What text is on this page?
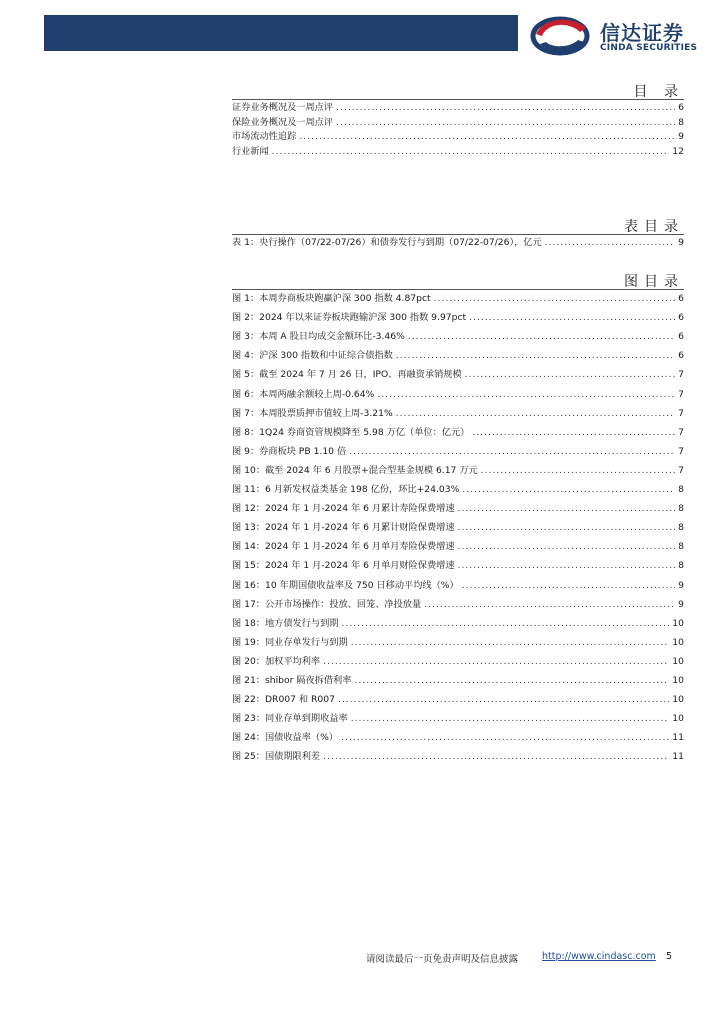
信达证券
CINDA SECURITIES
目 录
证券业务概况及一周点评 .....	6
保险业务概况及一周点评 .....	8
市场流动性追踪 .....	9
行业新闻 .....	12
表目录
表 1：央行操作（07/22-07/26）和债券发行与到期（07/22-07/26），亿元 .....	9
图目录
图 1：本周券商板块跑赢沪深 300 指数 4.87pct .....	6
图 2：2024 年以来证券板块跑输沪深 300 指数 9.97pct .....	6
图 3：本周 A 股日均成交金额环比-3.46% .....	6
图 4：沪深 300 指数和中证综合债指数 .....	6
图 5：截至 2024 年 7 月 26 日，IPO、再融资承销规模 .....	7
图 6：本周两融余额较上周-0.64% .....	7
图 7：本周股票质押市值较上周-3.21% .....	7
图 8：1Q24 券商资管规模降至 5.98 万亿（单位：亿元） .....	7
图 9：券商板块 PB 1.10 倍 .....	7
图 10：截至 2024 年 6 月股票+混合型基金规模 6.17 万元 .....	7
图 11：6 月新发权益类基金 198 亿份，环比+24.03% .....	8
图 12：2024 年 1 月-2024 年 6 月累计寿险保费增速 .....	8
图 13：2024 年 1 月-2024 年 6 月累计财险保费增速 .....	8
图 14：2024 年 1 月-2024 年 6 月单月寿险保费增速 .....	8
图 15：2024 年 1 月-2024 年 6 月单月财险保费增速 .....	8
图 16：10 年期国债收益率及 750 日移动平均线（%） .....	9
图 17：公开市场操作：投放、回笼、净投放量 .....	9
图 18：地方债发行与到期 .....	10
图 19：同业存单发行与到期 .....	10
图 20：加权平均利率 .....	10
图 21：shibor 隔夜拆借利率 .....	10
图 22：DR007 和 R007 .....	10
图 23：同业存单到期收益率 .....	10
图 24：国债收益率（%） .....	11
图 25：国债期限利差 .....	11
请阅读最后一页免责声明及信息披露	http://www.cindasc.com 5
